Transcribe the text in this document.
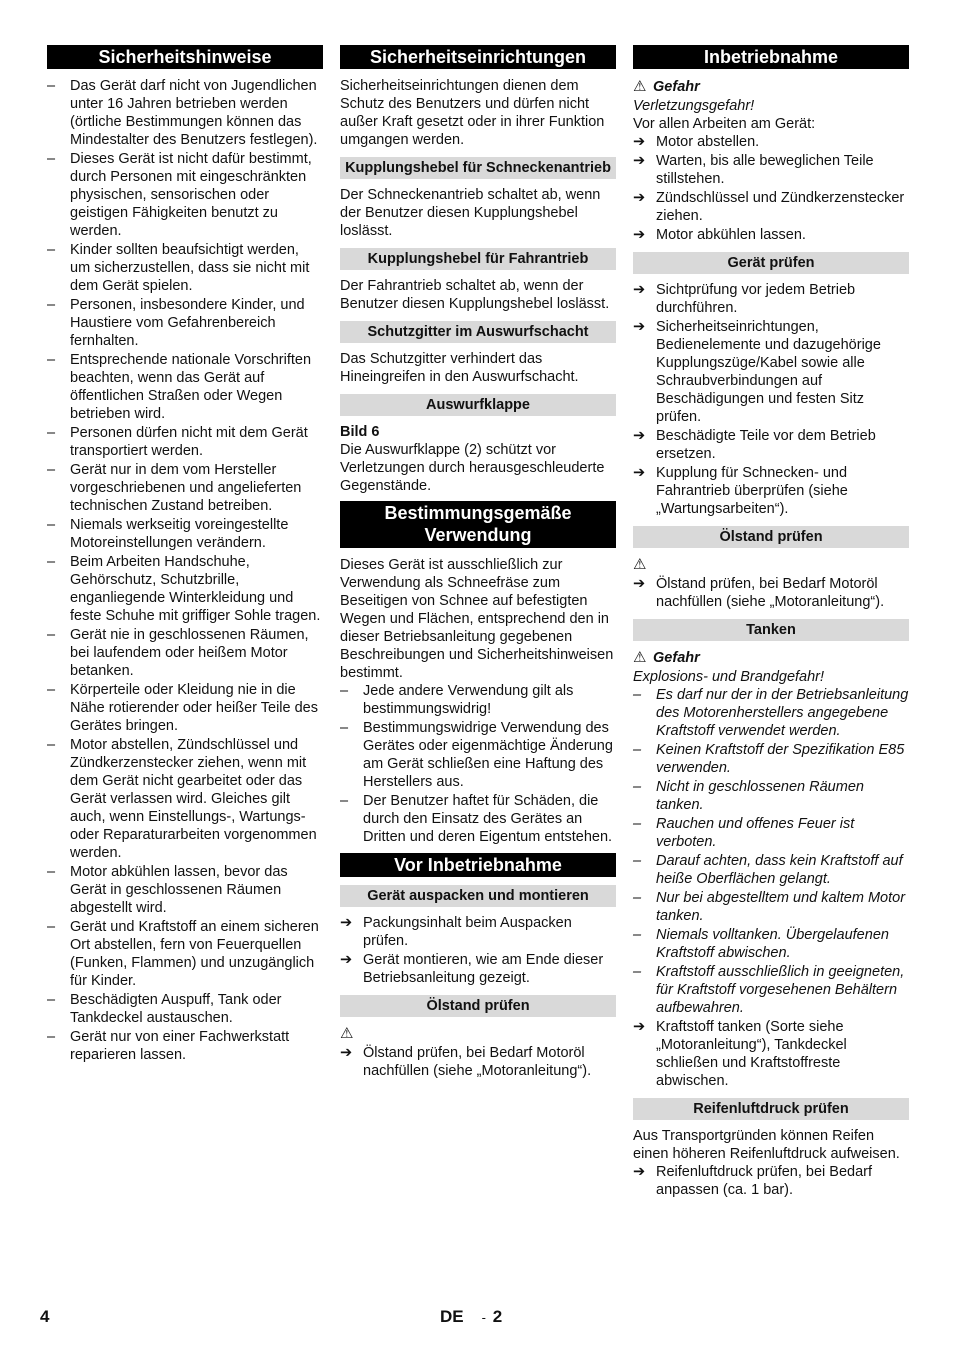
Sicherheitshinweise
– Das Gerät darf nicht von Jugendlichen unter 16 Jahren betrieben werden (örtliche Bestimmungen können das Mindestalter des Benutzers festlegen).
– Dieses Gerät ist nicht dafür bestimmt, durch Personen mit eingeschränkten physischen, sensorischen oder geistigen Fähigkeiten benutzt zu werden.
– Kinder sollten beaufsichtigt werden, um sicherzustellen, dass sie nicht mit dem Gerät spielen.
– Personen, insbesondere Kinder, und Haustiere vom Gefahrenbereich fernhalten.
– Entsprechende nationale Vorschriften beachten, wenn das Gerät auf öffentlichen Straßen oder Wegen betrieben wird.
– Personen dürfen nicht mit dem Gerät transportiert werden.
– Gerät nur in dem vom Hersteller vorgeschriebenen und angelieferten technischen Zustand betreiben.
– Niemals werkseitig voreingestellte Motoreinstellungen verändern.
– Beim Arbeiten Handschuhe, Gehörschutz, Schutzbrille, enganliegende Winterkleidung und feste Schuhe mit griffiger Sohle tragen.
– Gerät nie in geschlossenen Räumen, bei laufendem oder heißem Motor betanken.
– Körperteile oder Kleidung nie in die Nähe rotierender oder heißer Teile des Gerätes bringen.
– Motor abstellen, Zündschlüssel und Zündkerzenstecker ziehen, wenn mit dem Gerät nicht gearbeitet oder das Gerät verlassen wird. Gleiches gilt auch, wenn Einstellungs-, Wartungs- oder Reparaturarbeiten vorgenommen werden.
– Motor abkühlen lassen, bevor das Gerät in geschlossenen Räumen abgestellt wird.
– Gerät und Kraftstoff an einem sicheren Ort abstellen, fern von Feuerquellen (Funken, Flammen) und unzugänglich für Kinder.
– Beschädigten Auspuff, Tank oder Tankdeckel austauschen.
– Gerät nur von einer Fachwerkstatt reparieren lassen.
Sicherheitseinrichtungen
Sicherheitseinrichtungen dienen dem Schutz des Benutzers und dürfen nicht außer Kraft gesetzt oder in ihrer Funktion umgangen werden.
Kupplungshebel für Schneckenantrieb
Der Schneckenantrieb schaltet ab, wenn der Benutzer diesen Kupplungshebel loslässt.
Kupplungshebel für Fahrantrieb
Der Fahrantrieb schaltet ab, wenn der Benutzer diesen Kupplungshebel loslässt.
Schutzgitter im Auswurfschacht
Das Schutzgitter verhindert das Hineingreifen in den Auswurfschacht.
Auswurfklappe
Bild 6
Die Auswurfklappe (2) schützt vor Verletzungen durch herausgeschleuderte Gegenstände.
Bestimmungsgemäße Verwendung
Dieses Gerät ist ausschließlich zur Verwendung als Schneefräse zum Beseitigen von Schnee auf befestigten Wegen und Flächen, entsprechend den in dieser Betriebsanleitung gegebenen Beschreibungen und Sicherheitshinweisen bestimmt.
– Jede andere Verwendung gilt als bestimmungswidrig!
– Bestimmungswidrige Verwendung des Gerätes oder eigenmächtige Änderung am Gerät schließen eine Haftung des Herstellers aus.
– Der Benutzer haftet für Schäden, die durch den Einsatz des Gerätes an Dritten und deren Eigentum entstehen.
Vor Inbetriebnahme
Gerät auspacken und montieren
➔ Packungsinhalt beim Auspacken prüfen.
➔ Gerät montieren, wie am Ende dieser Betriebsanleitung gezeigt.
Ölstand prüfen
⚠
➔ Ölstand prüfen, bei Bedarf Motoröl nachfüllen (siehe „Motoranleitung“).
Inbetriebnahme
⚠ Gefahr
Verletzungsgefahr!
Vor allen Arbeiten am Gerät:
➔ Motor abstellen.
➔ Warten, bis alle beweglichen Teile stillstehen.
➔ Zündschlüssel und Zündkerzenstecker ziehen.
➔ Motor abkühlen lassen.
Gerät prüfen
➔ Sichtprüfung vor jedem Betrieb durchführen.
➔ Sicherheitseinrichtungen, Bedienelemente und dazugehörige Kupplungszüge/Kabel sowie alle Schraubverbindungen auf Beschädigungen und festen Sitz prüfen.
➔ Beschädigte Teile vor dem Betrieb ersetzen.
➔ Kupplung für Schnecken- und Fahrantrieb überprüfen (siehe „Wartungsarbeiten“).
Ölstand prüfen
⚠
➔ Ölstand prüfen, bei Bedarf Motoröl nachfüllen (siehe „Motoranleitung“).
Tanken
⚠ Gefahr
Explosions- und Brandgefahr!
– Es darf nur der in der Betriebsanleitung des Motorenherstellers angegebene Kraftstoff verwendet werden.
– Keinen Kraftstoff der Spezifikation E85 verwenden.
– Nicht in geschlossenen Räumen tanken.
– Rauchen und offenes Feuer ist verboten.
– Darauf achten, dass kein Kraftstoff auf heiße Oberflächen gelangt.
– Nur bei abgestelltem und kaltem Motor tanken.
– Niemals volltanken. Übergelaufenen Kraftstoff abwischen.
– Kraftstoff ausschließlich in geeigneten, für Kraftstoff vorgesehenen Behältern aufbewahren.
➔ Kraftstoff tanken (Sorte siehe „Motoranleitung“), Tankdeckel schließen und Kraftstoffreste abwischen.
Reifenluftdruck prüfen
Aus Transportgründen können Reifen einen höheren Reifenluftdruck aufweisen.
➔ Reifenluftdruck prüfen, bei Bedarf anpassen (ca. 1 bar).
4	DE - 2
